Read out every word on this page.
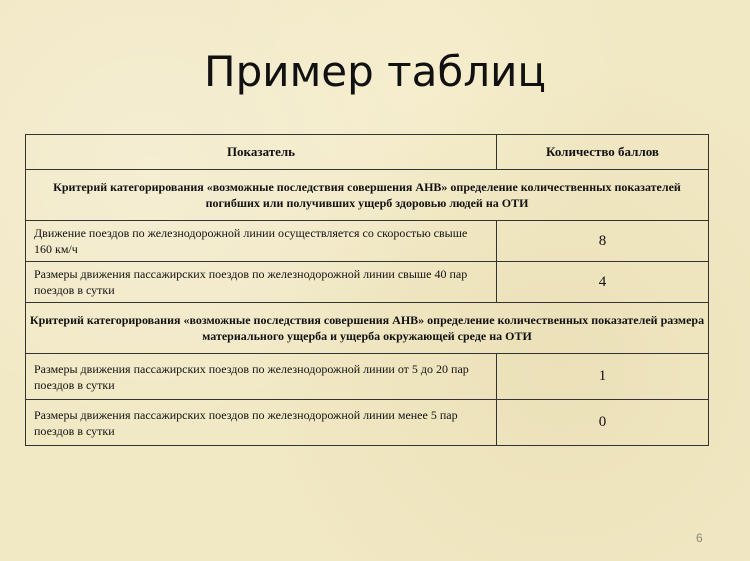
Пример таблиц
Показатель	Количество баллов
Критерий категорирования «возможные последствия совершения АНВ» определение количественных показателей погибших или получивших ущерб здоровью людей на ОТИ	
Движение поездов по железнодорожной линии осуществляется со скоростью свыше 160 км/ч	8
Размеры движения пассажирских поездов по железнодорожной линии свыше 40 пар поездов в сутки	4
Критерий категорирования «возможные последствия совершения АНВ» определение количественных показателей размера материального ущерба и ущерба окружающей среде на ОТИ	
Размеры движения пассажирских поездов по железнодорожной линии от 5 до 20 пар поездов в сутки	1
Размеры движения пассажирских поездов по железнодорожной линии менее 5 пар поездов в сутки	0
6
